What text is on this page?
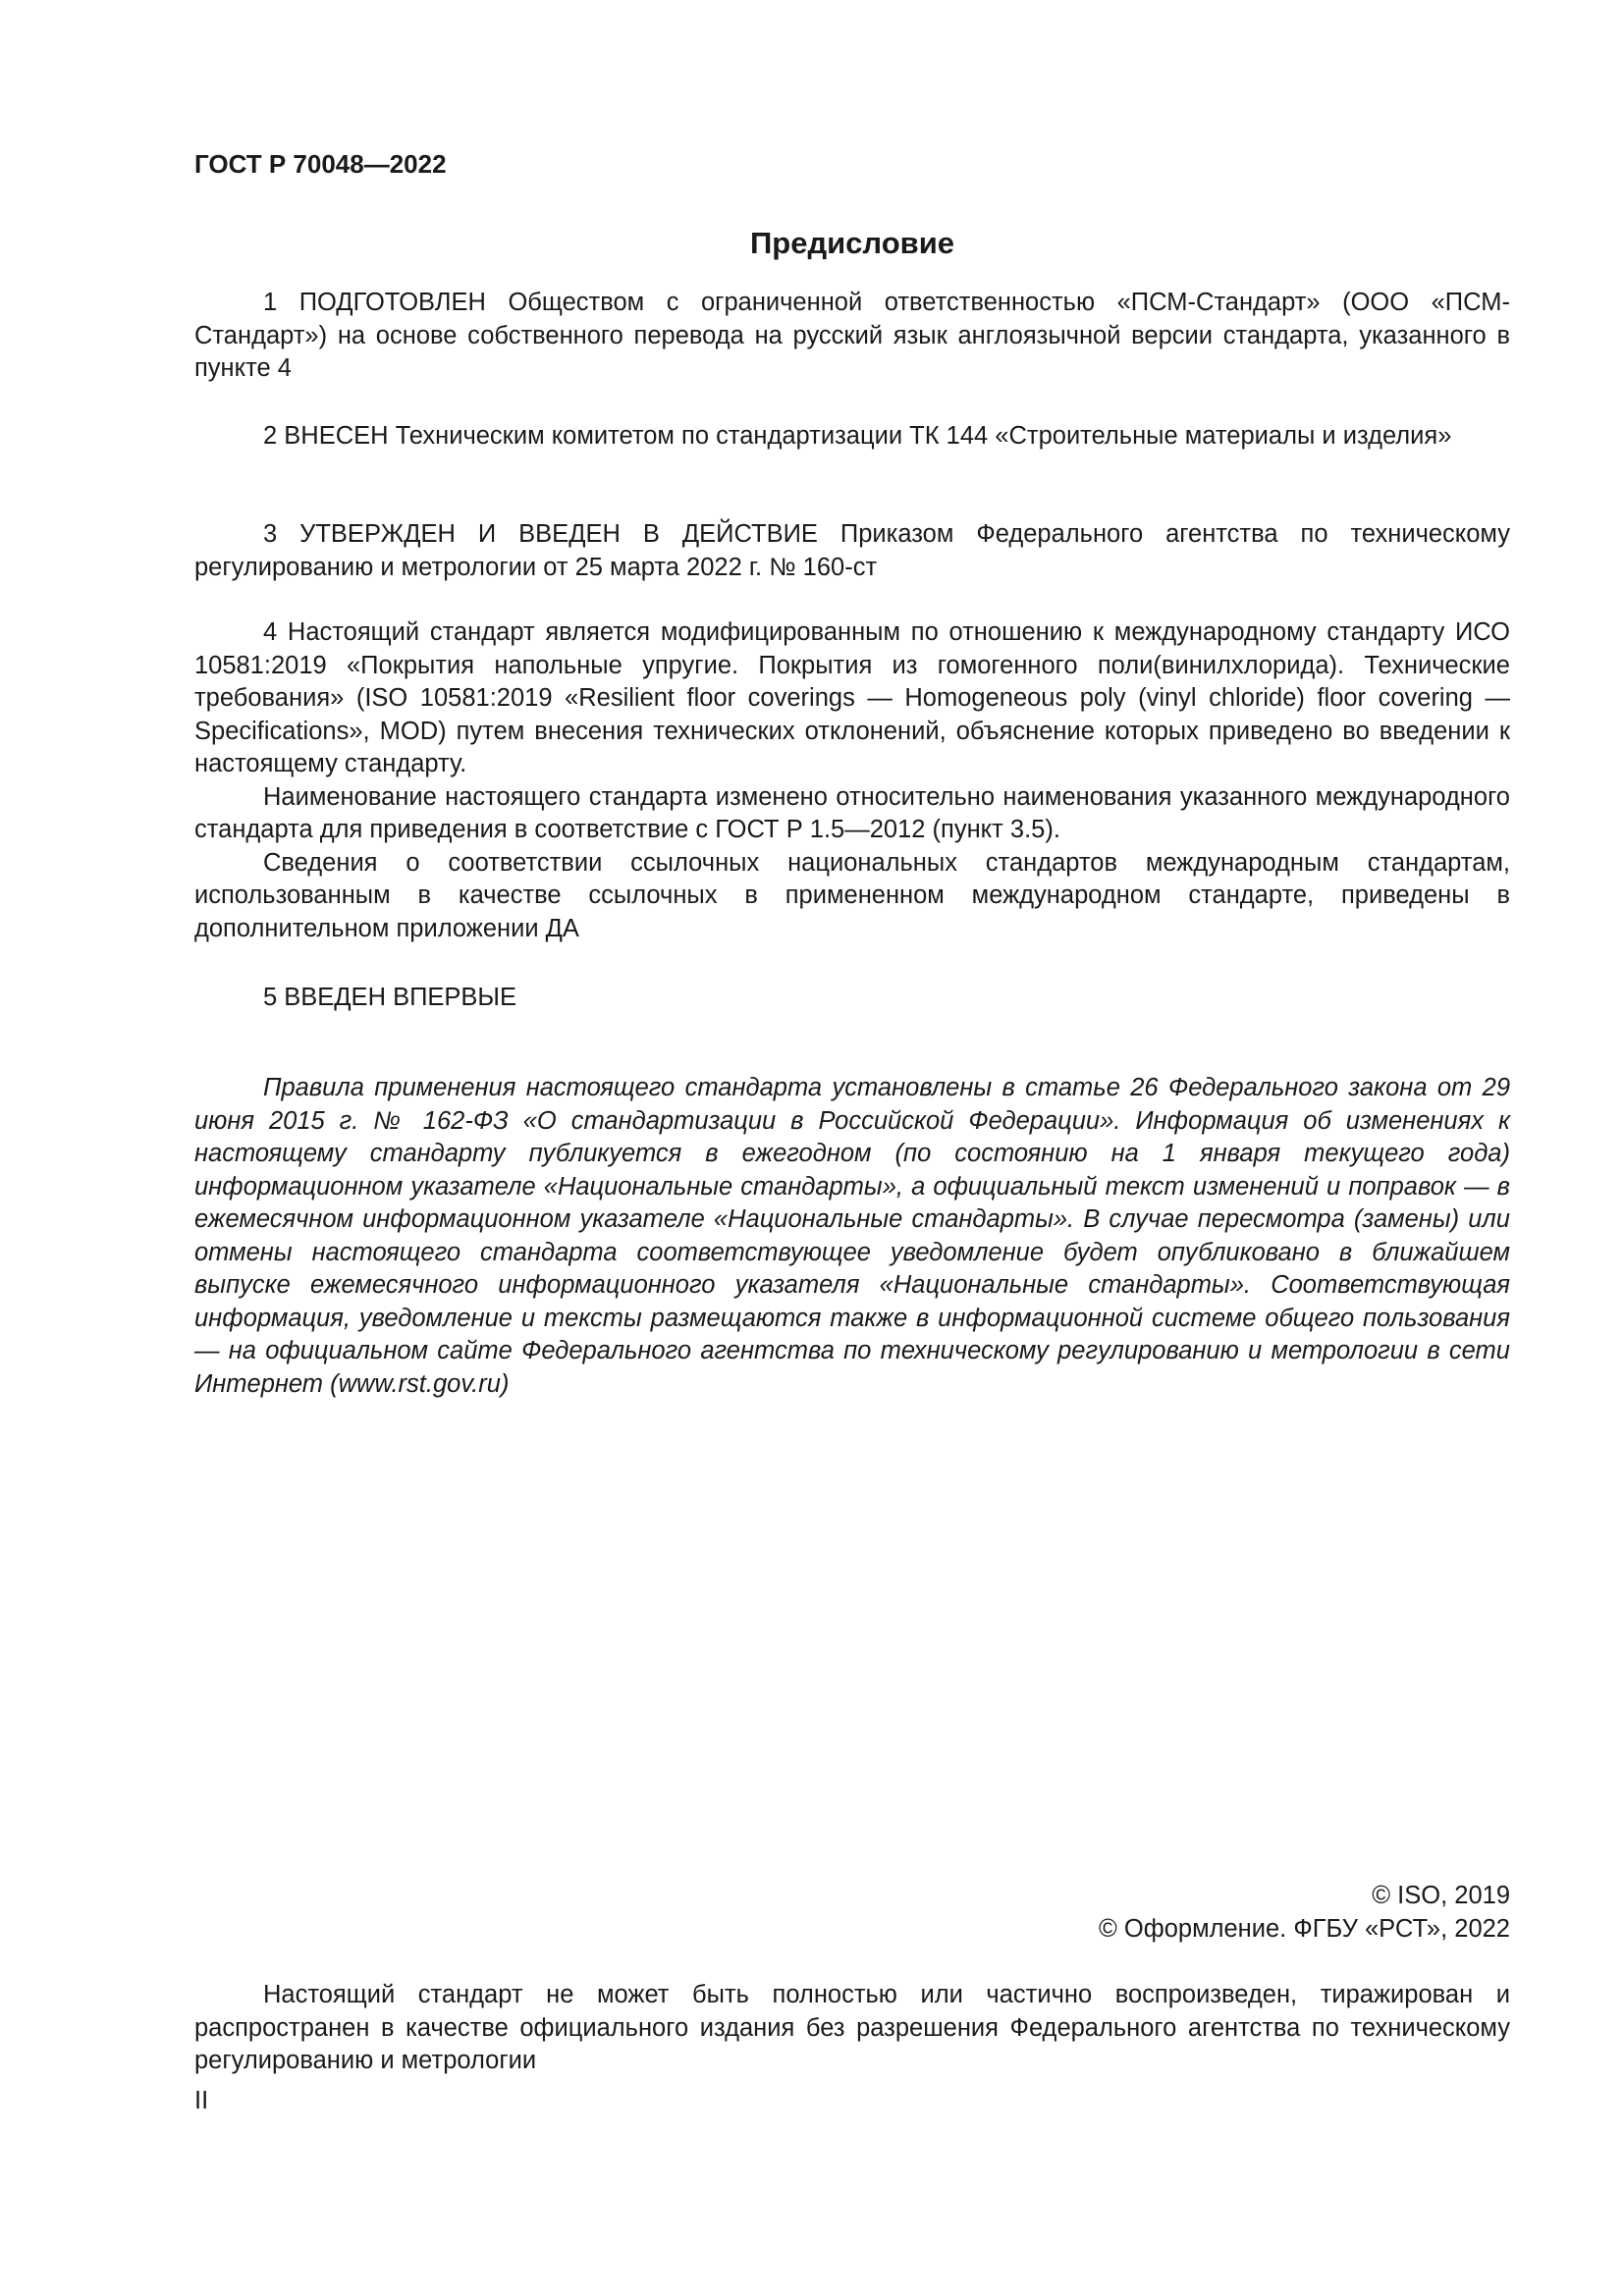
ГОСТ Р 70048—2022
Предисловие

1 ПОДГОТОВЛЕН Обществом с ограниченной ответственностью «ПСМ-Стандарт» (ООО «ПСМ-Стандарт») на основе собственного перевода на русский язык англоязычной версии стандарта, указанного в пункте 4

2 ВНЕСЕН Техническим комитетом по стандартизации ТК 144 «Строительные материалы и изделия»

3 УТВЕРЖДЕН И ВВЕДЕН В ДЕЙСТВИЕ Приказом Федерального агентства по техническому регулированию и метрологии от 25 марта 2022 г. № 160-ст

4 Настоящий стандарт является модифицированным по отношению к международному стандарту ИСО 10581:2019 «Покрытия напольные упругие. Покрытия из гомогенного поли(винилхлорида). Технические требования» (ISO 10581:2019 «Resilient floor coverings — Homogeneous poly (vinyl chloride) floor covering — Specifications», MOD) путем внесения технических отклонений, объяснение которых приведено во введении к настоящему стандарту.

Наименование настоящего стандарта изменено относительно наименования указанного международного стандарта для приведения в соответствие с ГОСТ Р 1.5—2012 (пункт 3.5).

Сведения о соответствии ссылочных национальных стандартов международным стандартам, использованным в качестве ссылочных в примененном международном стандарте, приведены в дополнительном приложении ДА

5 ВВЕДЕН ВПЕРВЫЕ

Правила применения настоящего стандарта установлены в статье 26 Федерального закона от 29 июня 2015 г. № 162-ФЗ «О стандартизации в Российской Федерации». Информация об изменениях к настоящему стандарту публикуется в ежегодном (по состоянию на 1 января текущего года) информационном указателе «Национальные стандарты», а официальный текст изменений и поправок — в ежемесячном информационном указателе «Национальные стандарты». В случае пересмотра (замены) или отмены настоящего стандарта соответствующее уведомление будет опубликовано в ближайшем выпуске ежемесячного информационного указателя «Национальные стандарты». Соответствующая информация, уведомление и тексты размещаются также в информационной системе общего пользования — на официальном сайте Федерального агентства по техническому регулированию и метрологии в сети Интернет (www.rst.gov.ru)

© ISO, 2019
© Оформление. ФГБУ «РСТ», 2022

Настоящий стандарт не может быть полностью или частично воспроизведен, тиражирован и распространен в качестве официального издания без разрешения Федерального агентства по техническому регулированию и метрологии

II
